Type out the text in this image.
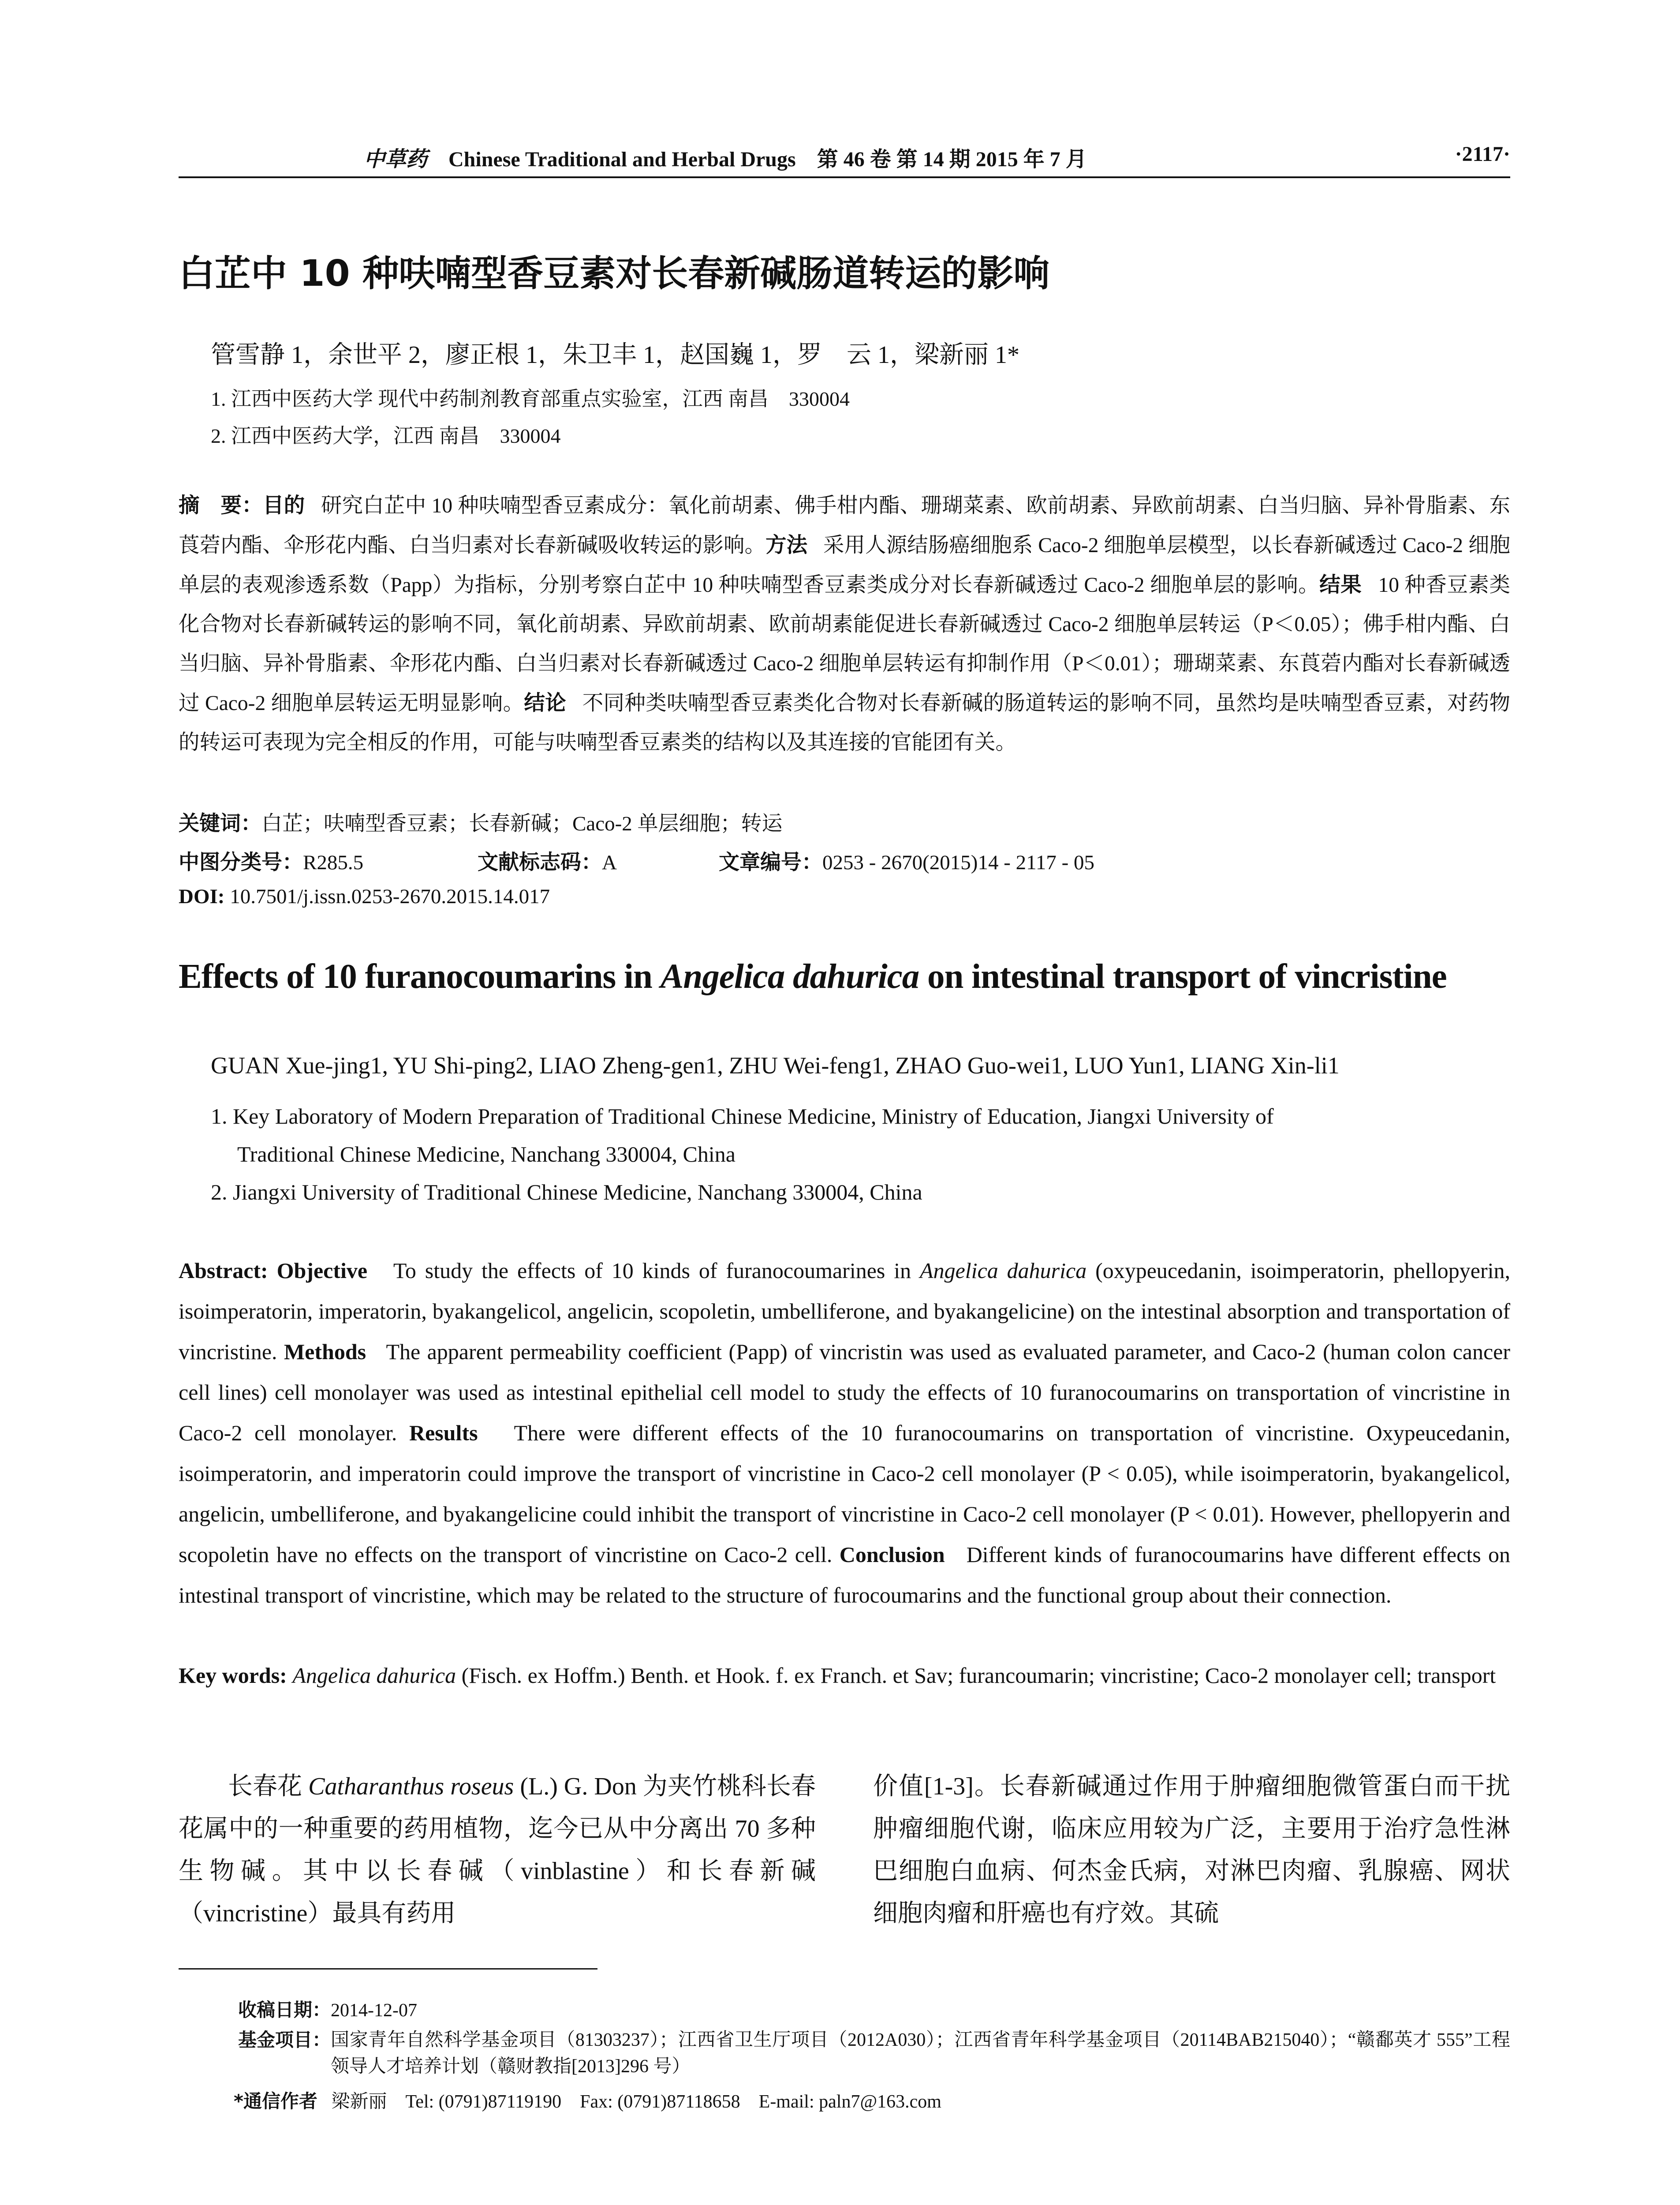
中草药 Chinese Traditional and Herbal Drugs 第 46 卷 第 14 期 2015 年 7 月	·2117·
白芷中 10 种呋喃型香豆素对长春新碱肠道转运的影响
管雪静 1，余世平 2，廖正根 1，朱卫丰 1，赵国巍 1，罗　云 1，梁新丽 1*
1. 江西中医药大学 现代中药制剂教育部重点实验室，江西 南昌　330004
2. 江西中医药大学，江西 南昌　330004
摘　要：目的 研究白芷中 10 种呋喃型香豆素成分：氧化前胡素、佛手柑内酯、珊瑚菜素、欧前胡素、异欧前胡素、白当归脑、异补骨脂素、东莨菪内酯、伞形花内酯、白当归素对长春新碱吸收转运的影响。方法 采用人源结肠癌细胞系 Caco-2 细胞单层模型，以长春新碱透过 Caco-2 细胞单层的表观渗透系数（Papp）为指标，分别考察白芷中 10 种呋喃型香豆素类成分对长春新碱透过 Caco-2 细胞单层的影响。结果 10 种香豆素类化合物对长春新碱转运的影响不同，氧化前胡素、异欧前胡素、欧前胡素能促进长春新碱透过 Caco-2 细胞单层转运（P＜0.05）；佛手柑内酯、白当归脑、异补骨脂素、伞形花内酯、白当归素对长春新碱透过 Caco-2 细胞单层转运有抑制作用（P＜0.01）；珊瑚菜素、东莨菪内酯对长春新碱透过 Caco-2 细胞单层转运无明显影响。结论 不同种类呋喃型香豆素类化合物对长春新碱的肠道转运的影响不同，虽然均是呋喃型香豆素，对药物的转运可表现为完全相反的作用，可能与呋喃型香豆素类的结构以及其连接的官能团有关。
关键词：白芷；呋喃型香豆素；长春新碱；Caco-2 单层细胞；转运
中图分类号：R285.5	文献标志码：A	文章编号：0253 - 2670(2015)14 - 2117 - 05
DOI: 10.7501/j.issn.0253-2670.2015.14.017
Effects of 10 furanocoumarins in Angelica dahurica on intestinal transport of vincristine
GUAN Xue-jing1, YU Shi-ping2, LIAO Zheng-gen1, ZHU Wei-feng1, ZHAO Guo-wei1, LUO Yun1, LIANG Xin-li1
1. Key Laboratory of Modern Preparation of Traditional Chinese Medicine, Ministry of Education, Jiangxi University of
Traditional Chinese Medicine, Nanchang 330004, China
2. Jiangxi University of Traditional Chinese Medicine, Nanchang 330004, China
Abstract: Objective To study the effects of 10 kinds of furanocoumarines in Angelica dahurica (oxypeucedanin, isoimperatorin, phellopyerin, isoimperatorin, imperatorin, byakangelicol, angelicin, scopoletin, umbelliferone, and byakangelicine) on the intestinal absorption and transportation of vincristine. Methods The apparent permeability coefficient (Papp) of vincristin was used as evaluated parameter, and Caco-2 (human colon cancer cell lines) cell monolayer was used as intestinal epithelial cell model to study the effects of 10 furanocoumarins on transportation of vincristine in Caco-2 cell monolayer. Results There were different effects of the 10 furanocoumarins on transportation of vincristine. Oxypeucedanin, isoimperatorin, and imperatorin could improve the transport of vincristine in Caco-2 cell monolayer (P < 0.05), while isoimperatorin, byakangelicol, angelicin, umbelliferone, and byakangelicine could inhibit the transport of vincristine in Caco-2 cell monolayer (P < 0.01). However, phellopyerin and scopoletin have no effects on the transport of vincristine on Caco-2 cell. Conclusion Different kinds of furanocoumarins have different effects on intestinal transport of vincristine, which may be related to the structure of furocoumarins and the functional group about their connection.
Key words: Angelica dahurica (Fisch. ex Hoffm.) Benth. et Hook. f. ex Franch. et Sav; furancoumarin; vincristine; Caco-2 monolayer cell; transport

长春花 Catharanthus roseus (L.) G. Don 为夹竹桃科长春花属中的一种重要的药用植物，迄今已从中分离出 70 多种生物碱。其中以长春碱（vinblastine）和长春新碱（vincristine）最具有药用

价值[1-3]。长春新碱通过作用于肿瘤细胞微管蛋白而干扰肿瘤细胞代谢，临床应用较为广泛，主要用于治疗急性淋巴细胞白血病、何杰金氏病，对淋巴肉瘤、乳腺癌、网状细胞肉瘤和肝癌也有疗效。其硫

收稿日期：2014-12-07
基金项目： 国家青年自然科学基金项目（81303237）；江西省卫生厅项目（2012A030）；江西省青年科学基金项目（20114BAB215040）；“赣鄱英才 555”工程领导人才培养计划（赣财教指[2013]296 号）
*通信作者 梁新丽　Tel: (0791)87119190　Fax: (0791)87118658　E-mail: paln7@163.com
